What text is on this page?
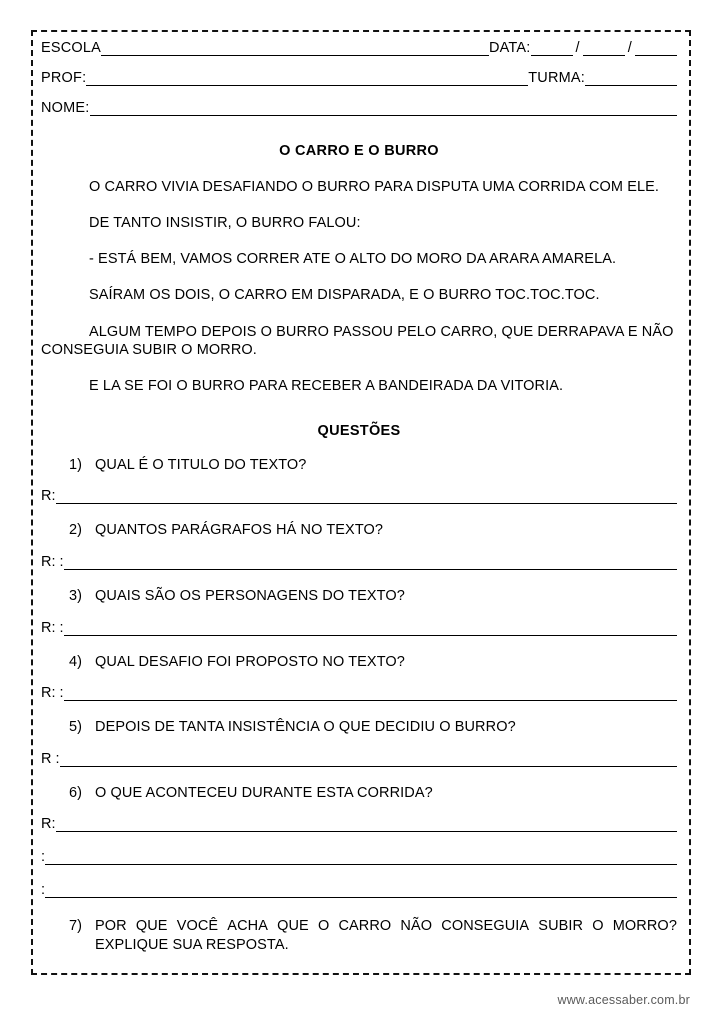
ESCOLA	DATA:	/	/
PROF:	TURMA:
NOME:
O CARRO E O BURRO

O CARRO VIVIA DESAFIANDO O BURRO PARA DISPUTA UMA CORRIDA COM ELE.

DE TANTO INSISTIR, O BURRO FALOU:

- ESTÁ BEM, VAMOS CORRER ATE O ALTO DO MORO DA ARARA AMARELA.

SAÍRAM OS DOIS, O CARRO EM DISPARADA, E O BURRO TOC.TOC.TOC.

ALGUM TEMPO DEPOIS O BURRO PASSOU PELO CARRO, QUE DERRAPAVA E NÃO CONSEGUIA SUBIR O MORRO.

E LA SE FOI O BURRO PARA RECEBER A BANDEIRADA DA VITORIA.

QUESTÕES
1) QUAL É O TITULO DO TEXTO?
R:
2) QUANTOS PARÁGRAFOS HÁ NO TEXTO?
R: :
3) QUAIS SÃO OS PERSONAGENS DO TEXTO?
R: :
4) QUAL DESAFIO FOI PROPOSTO NO TEXTO?
R: :
5) DEPOIS DE TANTA INSISTÊNCIA O QUE DECIDIU O BURRO?
R :
6) O QUE ACONTECEU DURANTE ESTA CORRIDA?
R:
:
:
7) POR QUE VOCÊ ACHA QUE O CARRO NÃO CONSEGUIA SUBIR O MORRO?
EXPLIQUE SUA RESPOSTA.
www.acessaber.com.br
